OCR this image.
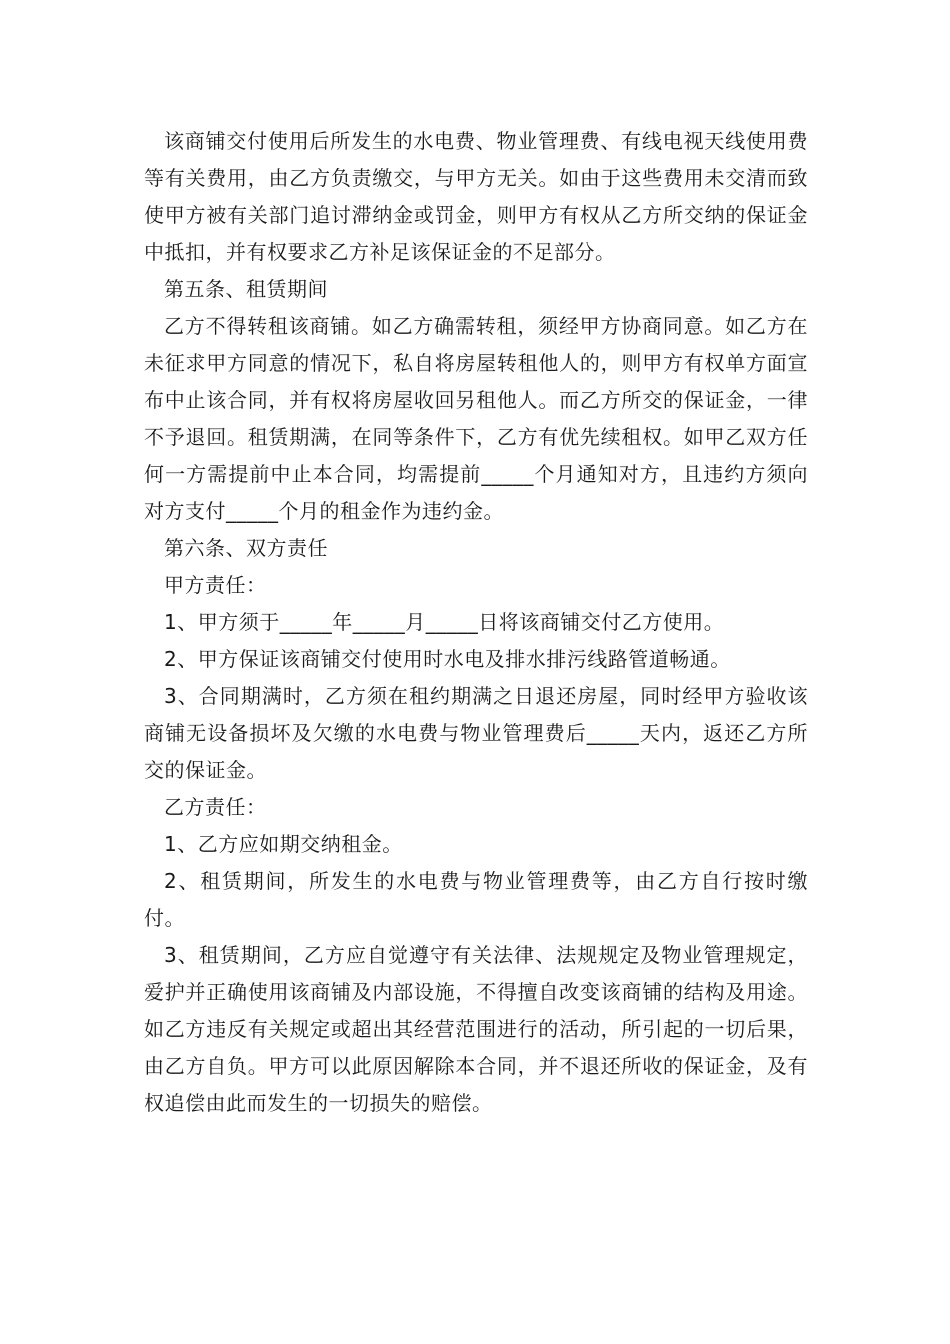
该商铺交付使用后所发生的水电费、物业管理费、有线电视天线使用费等有关费用，由乙方负责缴交，与甲方无关。如由于这些费用未交清而致使甲方被有关部门追讨滞纳金或罚金，则甲方有权从乙方所交纳的保证金中抵扣，并有权要求乙方补足该保证金的不足部分。

第五条、租赁期间

乙方不得转租该商铺。如乙方确需转租，须经甲方协商同意。如乙方在未征求甲方同意的情况下，私自将房屋转租他人的，则甲方有权单方面宣布中止该合同，并有权将房屋收回另租他人。而乙方所交的保证金，一律不予退回。租赁期满，在同等条件下，乙方有优先续租权。如甲乙双方任何一方需提前中止本合同，均需提前_____个月通知对方，且违约方须向对方支付_____个月的租金作为违约金。

第六条、双方责任

甲方责任：

1、甲方须于_____年_____月_____日将该商铺交付乙方使用。

2、甲方保证该商铺交付使用时水电及排水排污线路管道畅通。

3、合同期满时，乙方须在租约期满之日退还房屋，同时经甲方验收该商铺无设备损坏及欠缴的水电费与物业管理费后_____天内，返还乙方所交的保证金。

乙方责任：

1、乙方应如期交纳租金。

2、租赁期间，所发生的水电费与物业管理费等，由乙方自行按时缴付。

3、租赁期间，乙方应自觉遵守有关法律、法规规定及物业管理规定，爱护并正确使用该商铺及内部设施，不得擅自改变该商铺的结构及用途。如乙方违反有关规定或超出其经营范围进行的活动，所引起的一切后果，由乙方自负。甲方可以此原因解除本合同，并不退还所收的保证金，及有权追偿由此而发生的一切损失的赔偿。
